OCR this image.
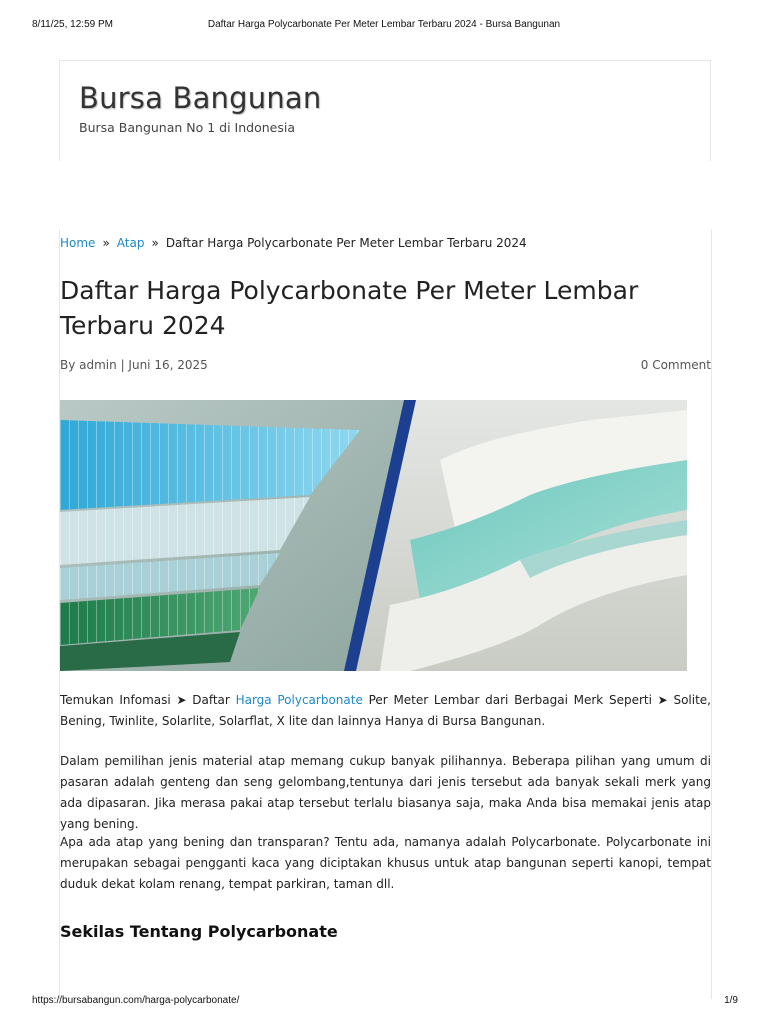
8/11/25, 12:59 PM	Daftar Harga Polycarbonate Per Meter Lembar Terbaru 2024 - Bursa Bangunan
Bursa Bangunan
Bursa Bangunan No 1 di Indonesia
Home » Atap » Daftar Harga Polycarbonate Per Meter Lembar Terbaru 2024
Daftar Harga Polycarbonate Per Meter Lembar Terbaru 2024
By admin | Juni 16, 2025	0 Comment

Temukan Infomasi ➤ Daftar Harga Polycarbonate Per Meter Lembar dari Berbagai Merk Seperti ➤ Solite, Bening, Twinlite, Solarlite, Solarflat, X lite dan lainnya Hanya di Bursa Bangunan.

Dalam pemilihan jenis material atap memang cukup banyak pilihannya. Beberapa pilihan yang umum di pasaran adalah genteng dan seng gelombang,tentunya dari jenis tersebut ada banyak sekali merk yang ada dipasaran. Jika merasa pakai atap tersebut terlalu biasanya saja, maka Anda bisa memakai jenis atap yang bening.

Apa ada atap yang bening dan transparan? Tentu ada, namanya adalah Polycarbonate. Polycarbonate ini merupakan sebagai pengganti kaca yang diciptakan khusus untuk atap bangunan seperti kanopi, tempat duduk dekat kolam renang, tempat parkiran, taman dll.

Sekilas Tentang Polycarbonate
https://bursabangun.com/harga-polycarbonate/	1/9
